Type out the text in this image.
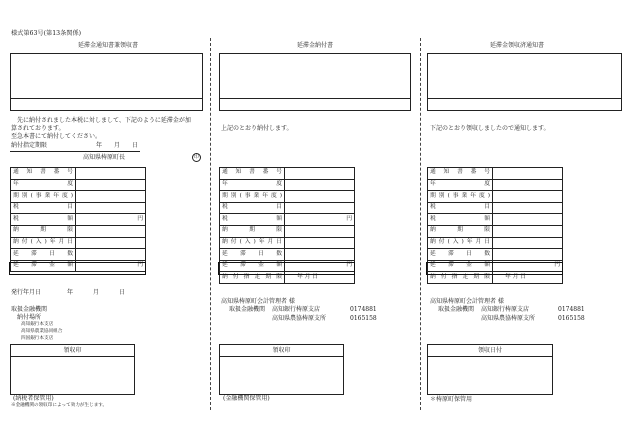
様式第63号(第13条関係)
延滞金通知書兼領収書
先に納付されました本税に対しまして、下記のように延滞金が加
算されております。
至急本書にて納付してください。
納付指定期限	年 月 日
高知県梼原町長	印
通 知 書 番 号	
年 度	
期別(事業年度)	
税 目	
税 額	円
納 期 限	
納付(入)年月日	
延 滞 日 数	
延 滞 金 額	円
発行年月日	年	月	日
取扱金融機関
納付場所
高知銀行本支店
高知県農業協同組合
四国銀行本支店
領収印
(納税者保管用)
※金融機関の領収印によって効力が生じます。
延滞金納付書
上記のとおり納付します。
通 知 書 番 号	
年 度	
期別(事業年度)	
税 目	
税 額	円
納 期 限	
納付(入)年月日	
延 滞 日 数	
延 滞 金 額	円
納付指定期限	年 月 日
高知県梼原町会計管理者 様
取扱金融機関 高知銀行梼原支店	0174881
高知県農協梼原支所	0165158
領収印
(金融機関保管用)
延滞金領収済通知書
下記のとおり領収しましたので通知します。
通 知 書 番 号	
年 度	
期別(事業年度)	
税 目	
税 額	
納 期 限	
納付(入)年月日	
延 滞 日 数	
延 滞 金 額	円
納付指定期限	年 月 日
高知県梼原町会計管理者 様
取扱金融機関 高知銀行梼原支店	0174881
高知県農協梼原支所	0165158
領収日付
＊梼原町保管用
